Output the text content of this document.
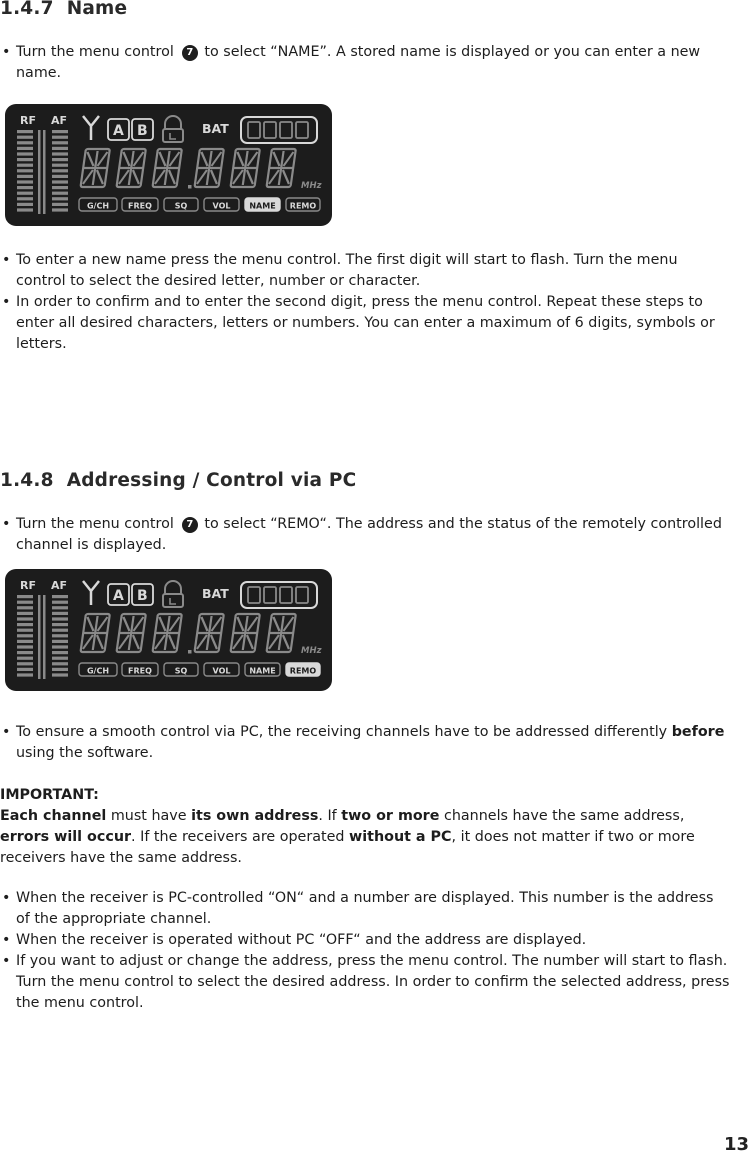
1.4.7 Name
• Turn the menu control 7 to select “NAME”. A stored name is displayed or you can enter a new name.
RF AF
A B	BAT
MHz
G/CH FREQ	SQ	VOL NAME REMO
• To enter a new name press the menu control. The first digit will start to flash. Turn the menu control to select the desired letter, number or character.
• In order to confirm and to enter the second digit, press the menu control. Repeat these steps to enter all desired characters, letters or numbers. You can enter a maximum of 6 digits, symbols or letters.
1.4.8 Addressing / Control via PC
• Turn the menu control 7 to select “REMO“. The address and the status of the remotely controlled channel is displayed.
RF AF
A B	BAT
MHz
G/CH FREQ	SQ	VOL NAME REMO
• To ensure a smooth control via PC, the receiving channels have to be addressed differently before using the software.
IMPORTANT:
Each channel must have its own address. If two or more channels have the same address, errors will occur. If the receivers are operated without a PC, it does not matter if two or more receivers have the same address.
• When the receiver is PC-controlled “ON“ and a number are displayed. This number is the address of the appropriate channel.
• When the receiver is operated without PC “OFF“ and the address are displayed.
• If you want to adjust or change the address, press the menu control. The number will start to flash. Turn the menu control to select the desired address. In order to confirm the selected address, press the menu control.
13
